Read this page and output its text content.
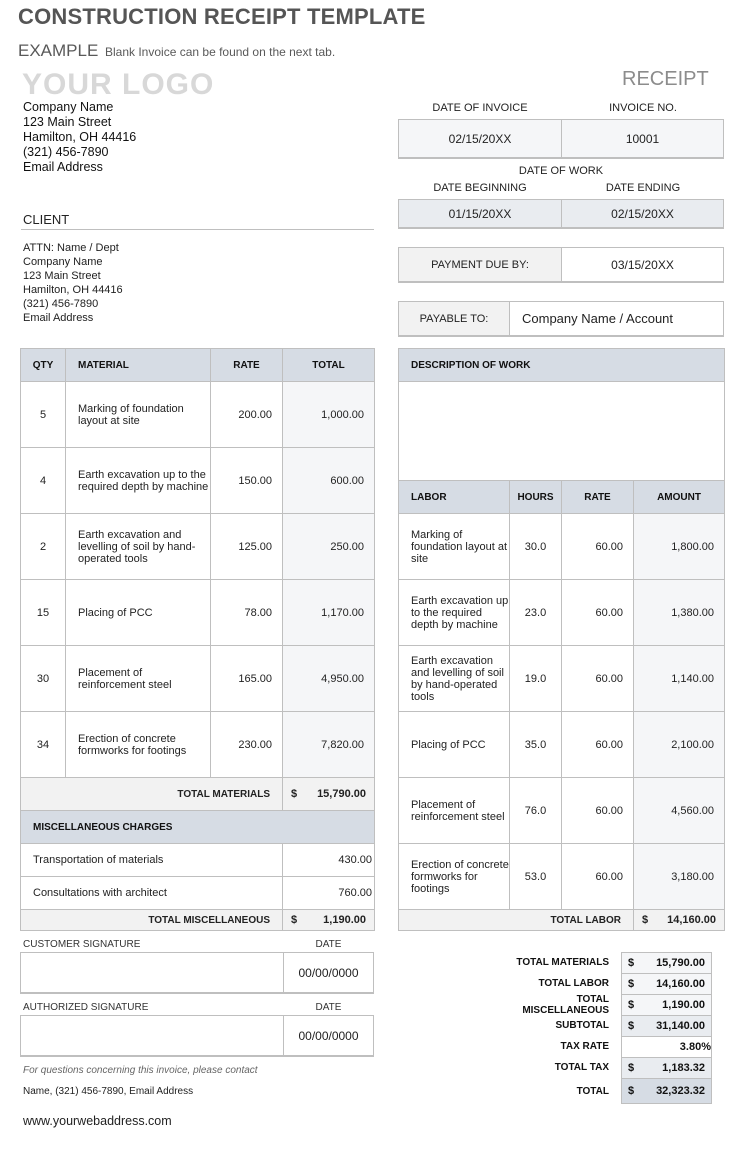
CONSTRUCTION RECEIPT TEMPLATE
EXAMPLE Blank Invoice can be found on the next tab.
YOUR LOGO
Company Name
123 Main Street
Hamilton, OH 44416
(321) 456-7890
Email Address
RECEIPT
DATE OF INVOICE	INVOICE NO.
02/15/20XX	10001
DATE OF WORK
DATE BEGINNING	DATE ENDING
01/15/20XX	02/15/20XX
PAYMENT DUE BY:	03/15/20XX
PAYABLE TO:	Company Name / Account
CLIENT
ATTN: Name / Dept
Company Name
123 Main Street
Hamilton, OH 44416
(321) 456-7890
Email Address
QTY	MATERIAL	RATE	TOTAL
5	Marking of foundation layout at site	200.00	1,000.00
4	Earth excavation up to the required depth by machine	150.00	600.00
2	Earth excavation and levelling of soil by hand-operated tools	125.00	250.00
15	Placing of PCC	78.00	1,170.00
30	Placement of reinforcement steel	165.00	4,950.00
34	Erection of concrete formworks for footings	230.00	7,820.00
TOTAL MATERIALS			$ 15,790.00

MISCELLANEOUS CHARGES			
Transportation of materials			430.00
Consultations with architect			760.00
TOTAL MISCELLANEOUS			$ 1,190.00
DESCRIPTION OF WORK			

LABOR	HOURS	RATE	AMOUNT
Marking of foundation layout at site	30.0	60.00	1,800.00
Earth excavation up to the required depth by machine	23.0	60.00	1,380.00
Earth excavation and levelling of soil by hand-operated tools	19.0	60.00	1,140.00
Placing of PCC	35.0	60.00	2,100.00
Placement of reinforcement steel	76.0	60.00	4,560.00
Erection of concrete formworks for footings	53.0	60.00	3,180.00
TOTAL LABOR			$ 14,160.00
CUSTOMER SIGNATURE	DATE
00/00/0000
AUTHORIZED SIGNATURE	DATE
00/00/0000
For questions concerning this invoice, please contact
Name, (321) 456-7890, Email Address
www.yourwebaddress.com
TOTAL MATERIALS	$ 15,790.00
TOTAL LABOR	$ 14,160.00
TOTAL MISCELLANEOUS	$	1,190.00
SUBTOTAL	$ 31,140.00
TAX RATE	3.80%
TOTAL TAX	$	1,183.32
TOTAL	$ 32,323.32
